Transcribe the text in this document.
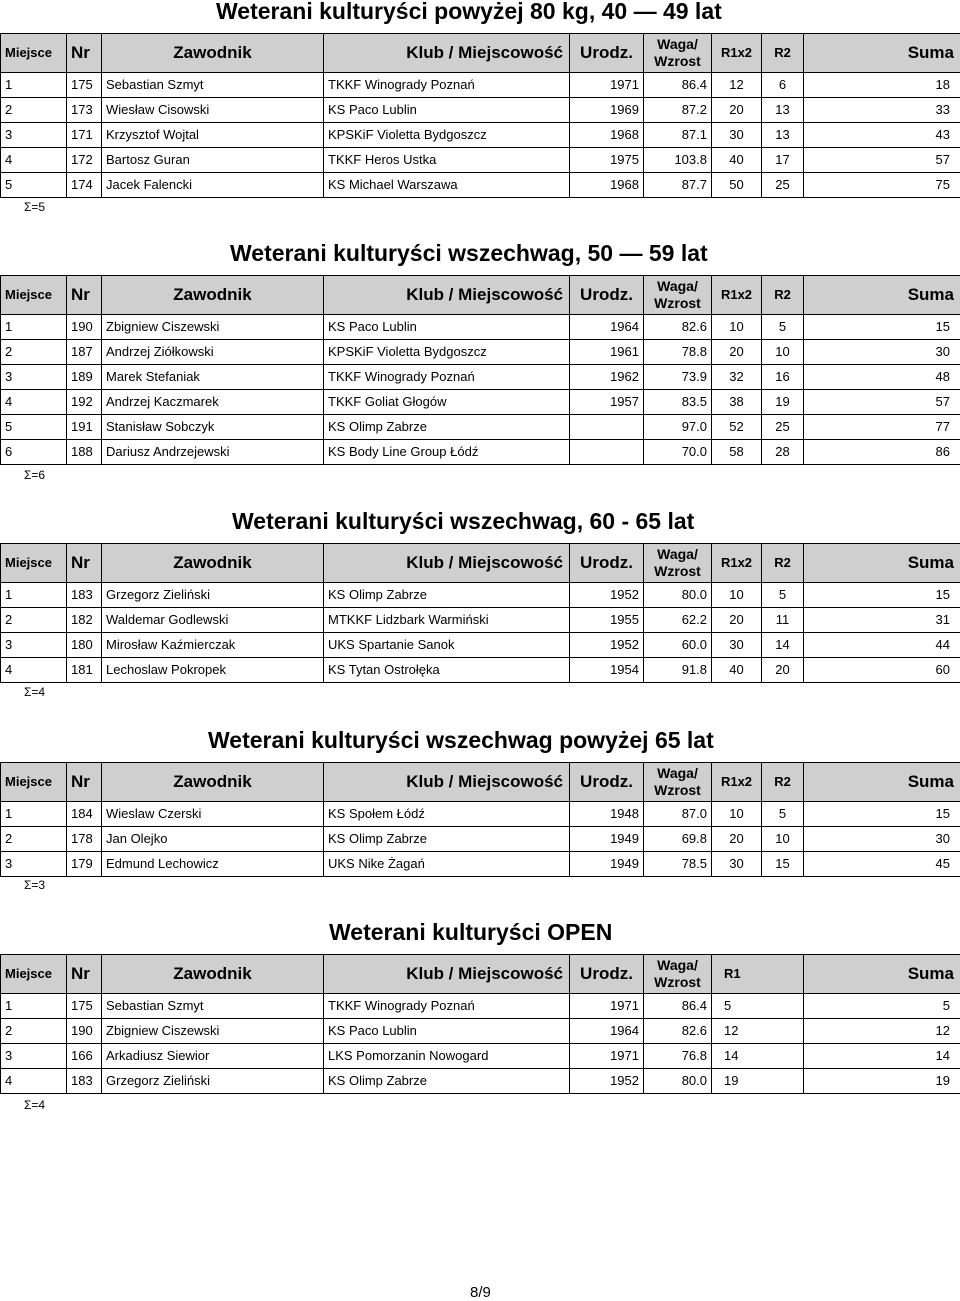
Weterani kulturyści powyżej 80 kg, 40 — 49 lat
Miejsce	Nr	Zawodnik	Klub / Miejscowość	Urodz.	Waga/
Wzrost	R1x2	R2	Suma
1	175	Sebastian Szmyt	TKKF Winogrady Poznań	1971	86.4	12	6	18
2	173	Wiesław Cisowski	KS Paco Lublin	1969	87.2	20	13	33
3	171	Krzysztof Wojtal	KPSKiF Violetta Bydgoszcz	1968	87.1	30	13	43
4	172	Bartosz Guran	TKKF Heros Ustka	1975	103.8	40	17	57
5	174	Jacek Falencki	KS Michael Warszawa	1968	87.7	50	25	75
Σ=5
Weterani kulturyści wszechwag, 50 — 59 lat
Miejsce	Nr	Zawodnik	Klub / Miejscowość	Urodz.	Waga/
Wzrost	R1x2	R2	Suma
1	190	Zbigniew Ciszewski	KS Paco Lublin	1964	82.6	10	5	15
2	187	Andrzej Ziółkowski	KPSKiF Violetta Bydgoszcz	1961	78.8	20	10	30
3	189	Marek Stefaniak	TKKF Winogrady Poznań	1962	73.9	32	16	48
4	192	Andrzej Kaczmarek	TKKF Goliat Głogów	1957	83.5	38	19	57
5	191	Stanisław Sobczyk	KS Olimp Zabrze		97.0	52	25	77
6	188	Dariusz Andrzejewski	KS Body Line Group Łódź		70.0	58	28	86
Σ=6
Weterani kulturyści wszechwag, 60 - 65 lat
Miejsce	Nr	Zawodnik	Klub / Miejscowość	Urodz.	Waga/
Wzrost	R1x2	R2	Suma
1	183	Grzegorz Zieliński	KS Olimp Zabrze	1952	80.0	10	5	15
2	182	Waldemar Godlewski	MTKKF Lidzbark Warmiński	1955	62.2	20	11	31
3	180	Mirosław Kaźmierczak	UKS Spartanie Sanok	1952	60.0	30	14	44
4	181	Lechoslaw Pokropek	KS Tytan Ostrołęka	1954	91.8	40	20	60
Σ=4
Weterani kulturyści wszechwag powyżej 65 lat
Miejsce	Nr	Zawodnik	Klub / Miejscowość	Urodz.	Waga/
Wzrost	R1x2	R2	Suma
1	184	Wieslaw Czerski	KS Społem Łódź	1948	87.0	10	5	15
2	178	Jan Olejko	KS Olimp Zabrze	1949	69.8	20	10	30
3	179	Edmund Lechowicz	UKS Nike Żagań	1949	78.5	30	15	45
Σ=3
Weterani kulturyści OPEN
Miejsce	Nr	Zawodnik	Klub / Miejscowość	Urodz.	Waga/
Wzrost	R1	Suma
1	175	Sebastian Szmyt	TKKF Winogrady Poznań	1971	86.4	5	5
2	190	Zbigniew Ciszewski	KS Paco Lublin	1964	82.6	12	12
3	166	Arkadiusz Siewior	LKS Pomorzanin Nowogard	1971	76.8	14	14
4	183	Grzegorz Zieliński	KS Olimp Zabrze	1952	80.0	19	19
Σ=4
8/9
